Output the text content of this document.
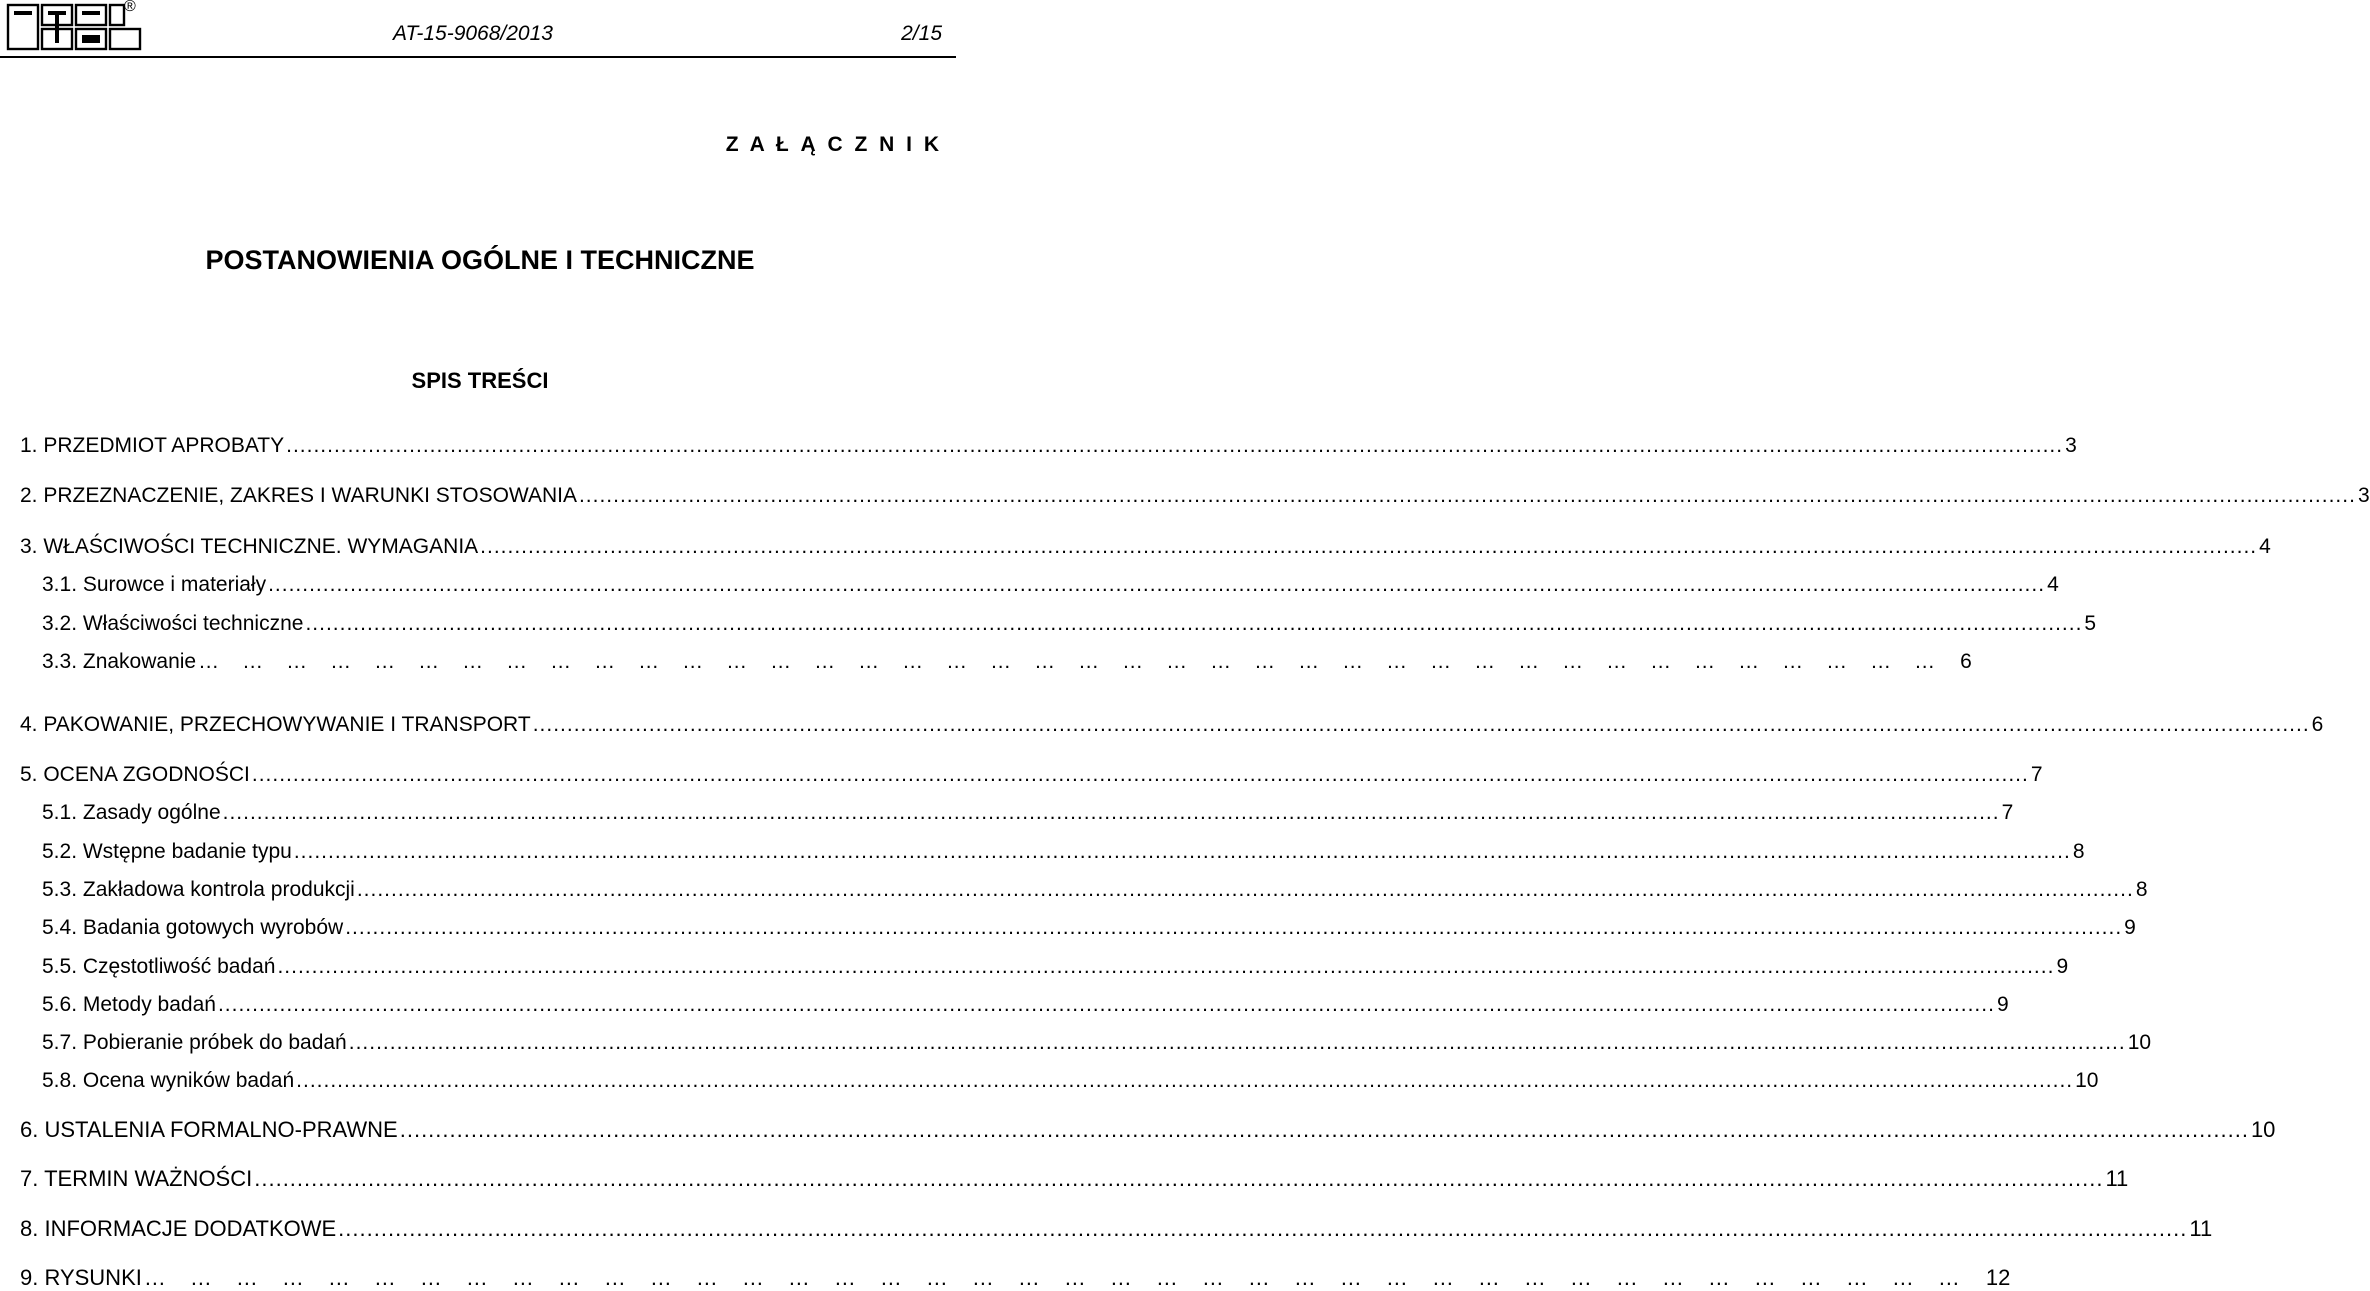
®
AT-15-9068/2013	2/15
Z A Ł Ą C Z N I K
POSTANOWIENIA OGÓLNE I TECHNICZNE
SPIS TREŚCI
1. PRZEDMIOT APROBATY .................................................................................................................................................................................................................................................................... 3
2. PRZEZNACZENIE, ZAKRES I WARUNKI STOSOWANIA .................................................................................................................................................................................................................................................................... 3
3. WŁAŚCIWOŚCI TECHNICZNE. WYMAGANIA .................................................................................................................................................................................................................................................................... 4
3.1. Surowce i materiały .................................................................................................................................................................................................................................................................... 4
3.2. Właściwości techniczne .................................................................................................................................................................................................................................................................... 5
3.3. Znakowanie … … … … … … … … … … … … … … … … … … … … … … … … … … … … … … … … … … … … … … … …  6
4. PAKOWANIE, PRZECHOWYWANIE I TRANSPORT .................................................................................................................................................................................................................................................................... 6
5. OCENA ZGODNOŚCI .................................................................................................................................................................................................................................................................... 7
5.1. Zasady ogólne .................................................................................................................................................................................................................................................................... 7
5.2. Wstępne badanie typu .................................................................................................................................................................................................................................................................... 8
5.3. Zakładowa kontrola produkcji .................................................................................................................................................................................................................................................................... 8
5.4. Badania gotowych wyrobów .................................................................................................................................................................................................................................................................... 9
5.5. Częstotliwość badań .................................................................................................................................................................................................................................................................... 9
5.6. Metody badań .................................................................................................................................................................................................................................................................... 9
5.7. Pobieranie próbek do badań .................................................................................................................................................................................................................................................................... 10
5.8. Ocena wyników badań .................................................................................................................................................................................................................................................................... 10
6. USTALENIA FORMALNO-PRAWNE .................................................................................................................................................................................................................................................................... 10
7. TERMIN WAŻNOŚCI .................................................................................................................................................................................................................................................................... 11
8. INFORMACJE DODATKOWE .................................................................................................................................................................................................................................................................... 11
9. RYSUNKI … … … … … … … … … … … … … … … … … … … … … … … … … … … … … … … … … … … … … … … …  12
